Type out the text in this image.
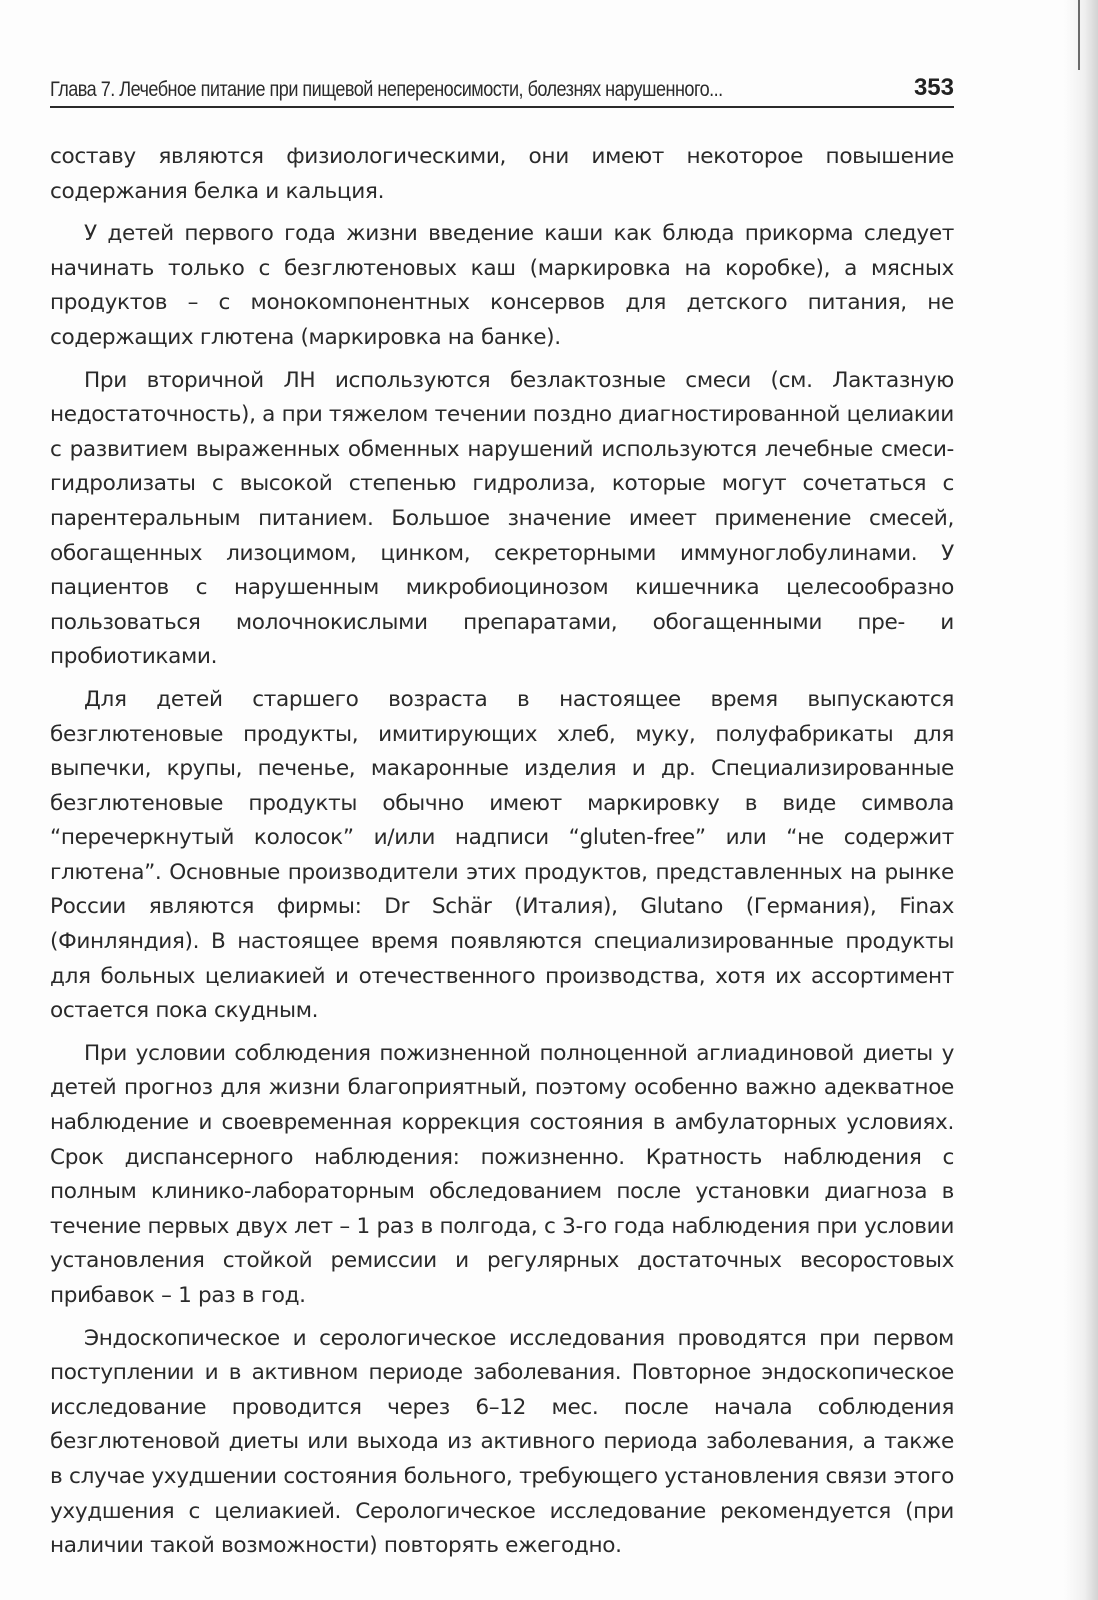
Глава 7. Лечебное питание при пищевой непереносимости, болезнях нарушенного...	353

составу являются физиологическими, они имеют некоторое повышение содержания белка и кальция.

У детей первого года жизни введение каши как блюда прикорма следует начинать только с безглютеновых каш (маркировка на коробке), а мясных продуктов – с монокомпонентных консервов для детского питания, не содержащих глютена (маркировка на банке).

При вторичной ЛН используются безлактозные смеси (см. Лактазную недостаточность), а при тяжелом течении поздно диагностированной целиакии с развитием выраженных обменных нарушений используются лечебные смеси-гидролизаты с высокой степенью гидролиза, которые могут сочетаться с парентеральным питанием. Большое значение имеет применение смесей, обогащенных лизоцимом, цинком, секреторными иммуноглобулинами. У пациентов с нарушенным микробиоцинозом кишечника целесообразно пользоваться молочнокислыми препаратами, обогащенными пре- и пробиотиками.

Для детей старшего возраста в настоящее время выпускаются безглютеновые продукты, имитирующих хлеб, муку, полуфабрикаты для выпечки, крупы, печенье, макаронные изделия и др. Специализированные безглютеновые продукты обычно имеют маркировку в виде символа “перечеркнутый колосок” и/или надписи “gluten-free” или “не содержит глютена”. Основные производители этих продуктов, представленных на рынке России являются фирмы: Dr Schär (Италия), Glutano (Германия), Finax (Финляндия). В настоящее время появляются специализированные продукты для больных целиакией и отечественного производства, хотя их ассортимент остается пока скудным.

При условии соблюдения пожизненной полноценной аглиадиновой диеты у детей прогноз для жизни благоприятный, поэтому особенно важно адекватное наблюдение и своевременная коррекция состояния в амбулаторных условиях. Срок диспансерного наблюдения: пожизненно. Кратность наблюдения с полным клинико-лабораторным обследованием после установки диагноза в течение первых двух лет – 1 раз в полгода, с 3-го года наблюдения при условии установления стойкой ремиссии и регулярных достаточных весоростовых прибавок – 1 раз в год.

Эндоскопическое и серологическое исследования проводятся при первом поступлении и в активном периоде заболевания. Повторное эндоскопическое исследование проводится через 6–12 мес. после начала соблюдения безглютеновой диеты или выхода из активного периода заболевания, а также в случае ухудшении состояния больного, требующего установления связи этого ухудшения с целиакией. Серологическое исследование рекомендуется (при наличии такой возможности) повторять ежегодно.
